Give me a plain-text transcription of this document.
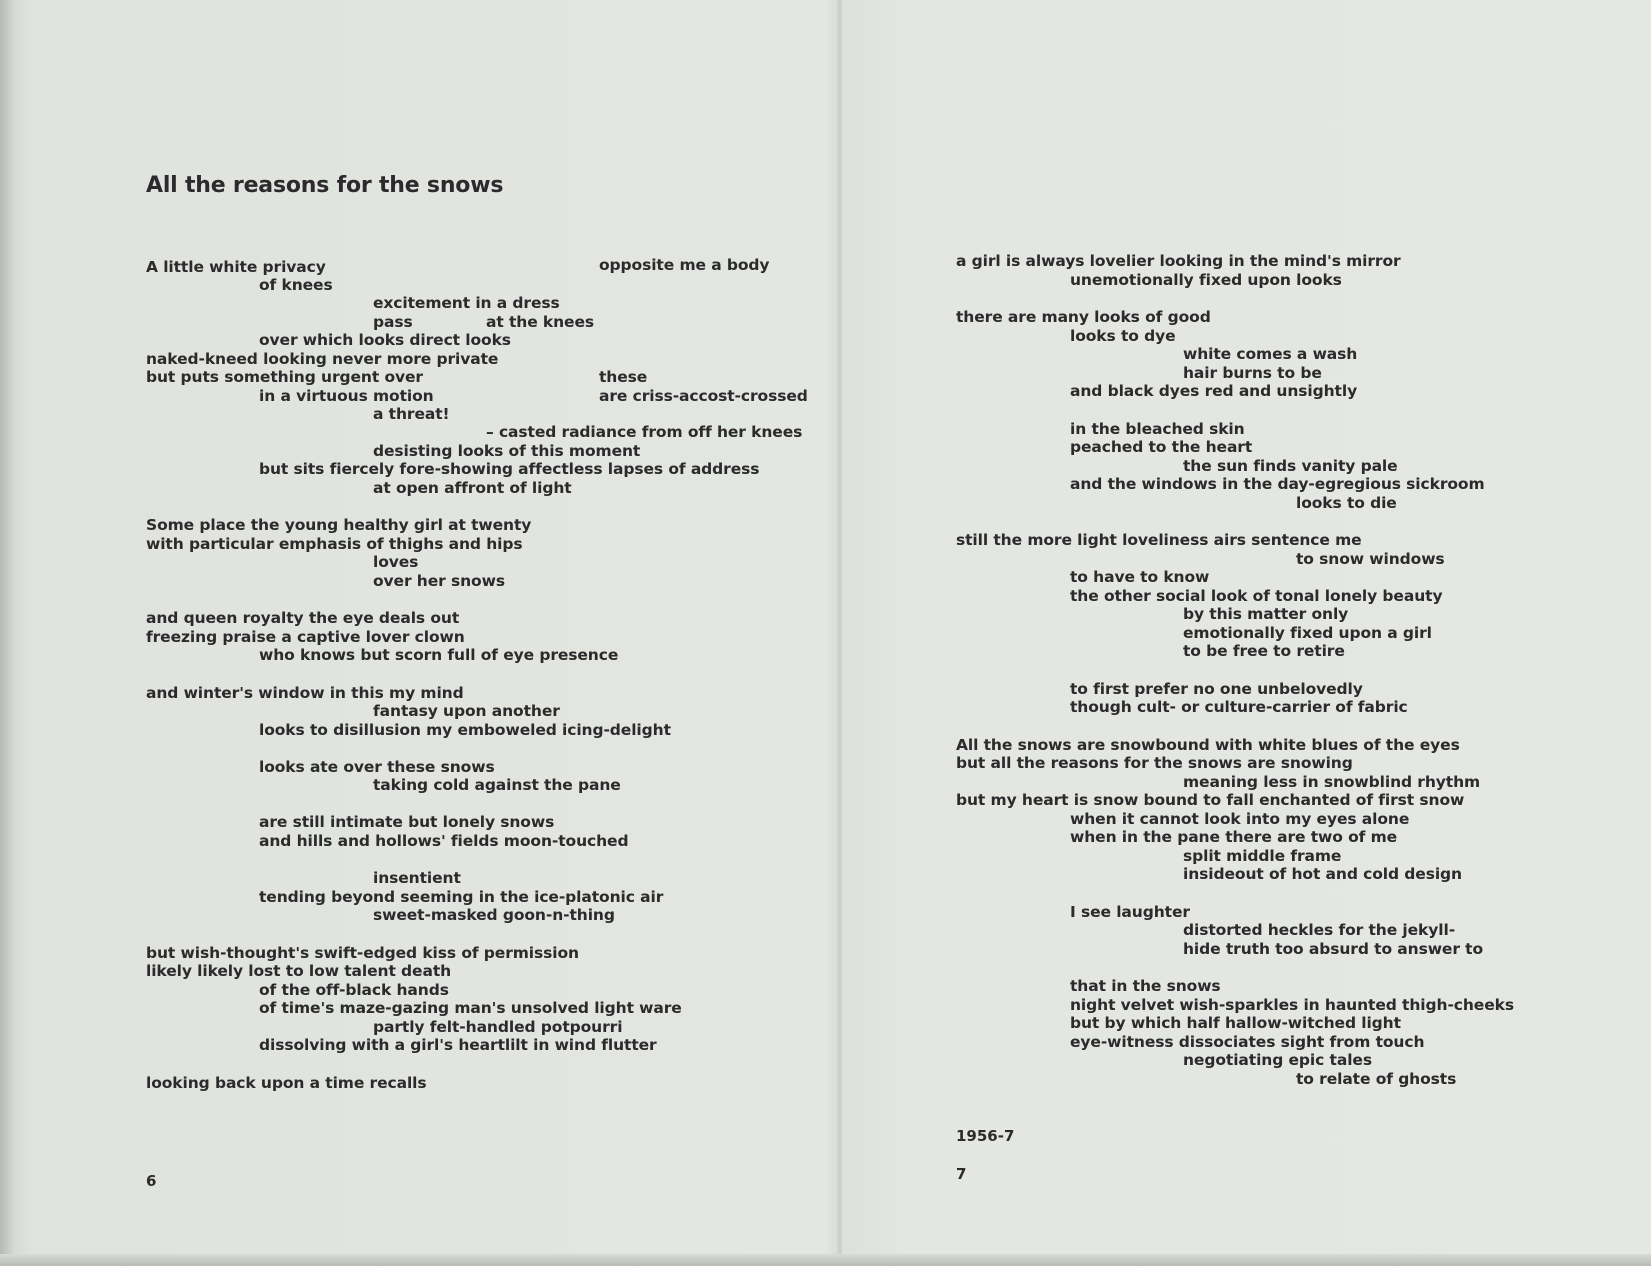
All the reasons for the snows
A little white privacy
of knees
excitement in a dress
pass	at the knees
over which looks direct looks
naked-kneed looking never more private
but puts something urgent over
in a virtuous motion
a threat!
desisting looks of this moment
but sits fiercely fore-showing affectless lapses of address
at open affront of light
Some place the young healthy girl at twenty
with particular emphasis of thighs and hips
loves
over her snows
and queen royalty the eye deals out
freezing praise a captive lover clown
who knows but scorn full of eye presence
and winter's window in this my mind
fantasy upon another
looks to disillusion my emboweled icing-delight
looks ate over these snows
taking cold against the pane
are still intimate but lonely snows
and hills and hollows' fields moon-touched
insentient
tending beyond seeming in the ice-platonic air
sweet-masked goon-n-thing
but wish-thought's swift-edged kiss of permission
likely likely lost to low talent death
of the off-black hands
of time's maze-gazing man's unsolved light ware
partly felt-handled potpourri
dissolving with a girl's heartlilt in wind flutter
looking back upon a time recalls
opposite me a body
these
are criss-accost-crossed
– casted radiance from off her knees
6
a girl is always lovelier looking in the mind's mirror
unemotionally fixed upon looks
there are many looks of good
looks to dye
white comes a wash
hair burns to be
and black dyes red and unsightly
in the bleached skin
peached to the heart
the sun finds vanity pale
and the windows in the day-egregious sickroom
looks to die
still the more light loveliness airs sentence me
to snow windows
to have to know
the other social look of tonal lonely beauty
by this matter only
emotionally fixed upon a girl
to be free to retire
to first prefer no one unbelovedly
though cult- or culture-carrier of fabric
All the snows are snowbound with white blues of the eyes
but all the reasons for the snows are snowing
meaning less in snowblind rhythm
but my heart is snow bound to fall enchanted of first snow
when it cannot look into my eyes alone
when in the pane there are two of me
split middle frame
insideout of hot and cold design
I see laughter
distorted heckles for the jekyll-
hide truth too absurd to answer to
that in the snows
night velvet wish-sparkles in haunted thigh-cheeks
but by which half hallow-witched light
eye-witness dissociates sight from touch
negotiating epic tales
to relate of ghosts
1956-7
7
